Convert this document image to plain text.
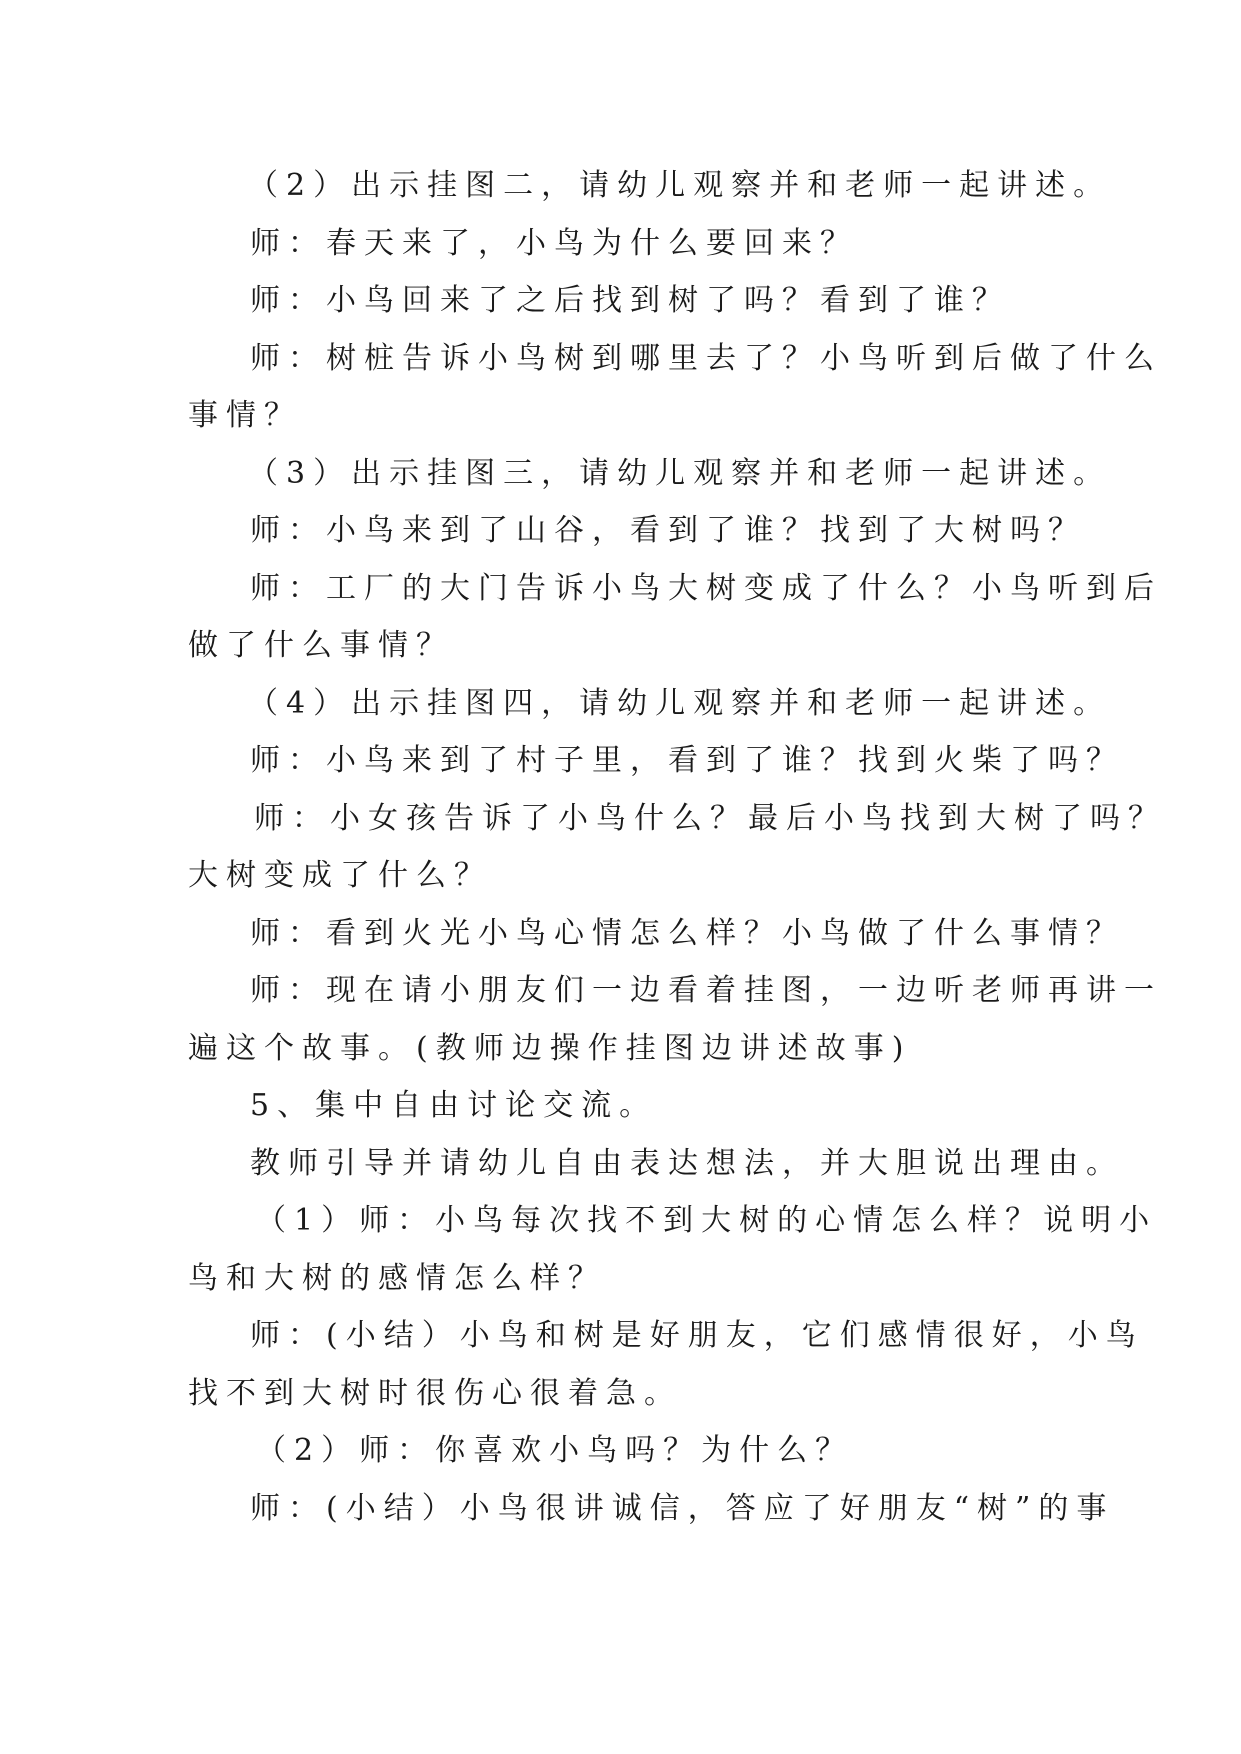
（2）出示挂图二，请幼儿观察并和老师一起讲述。
师：春天来了，小鸟为什么要回来？
师：小鸟回来了之后找到树了吗？看到了谁？
师：树桩告诉小鸟树到哪里去了？小鸟听到后做了什么
事情？
（3）出示挂图三，请幼儿观察并和老师一起讲述。
师：小鸟来到了山谷，看到了谁？找到了大树吗？
师：工厂的大门告诉小鸟大树变成了什么？小鸟听到后
做了什么事情？
（4）出示挂图四，请幼儿观察并和老师一起讲述。
师：小鸟来到了村子里，看到了谁？找到火柴了吗？
师：小女孩告诉了小鸟什么？最后小鸟找到大树了吗？
大树变成了什么？
师：看到火光小鸟心情怎么样？小鸟做了什么事情？
师：现在请小朋友们一边看着挂图，一边听老师再讲一
遍这个故事。(教师边操作挂图边讲述故事)
5、集中自由讨论交流。
教师引导并请幼儿自由表达想法，并大胆说出理由。
（1）师：小鸟每次找不到大树的心情怎么样？说明小
鸟和大树的感情怎么样？
师：(小结）小鸟和树是好朋友，它们感情很好，小鸟
找不到大树时很伤心很着急。
（2）师：你喜欢小鸟吗？为什么？
师：(小结）小鸟很讲诚信，答应了好朋友“树”的事
